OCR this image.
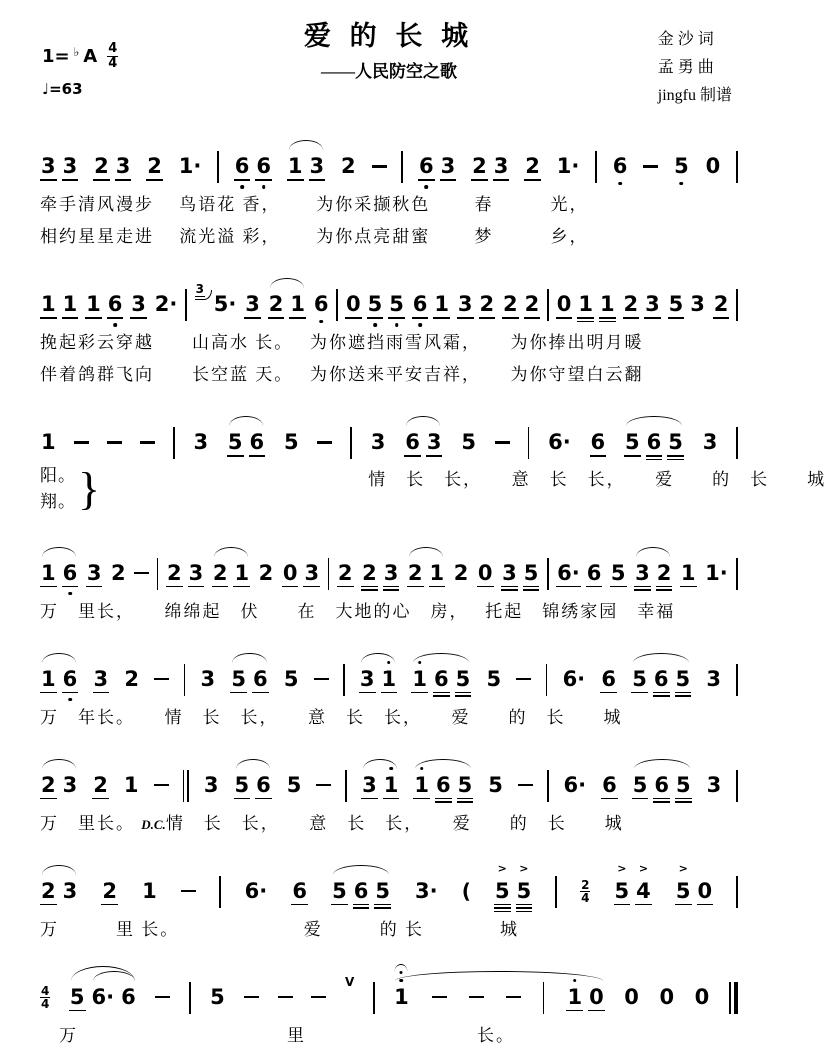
1= ♭ A $\frac{4}{4}$
♩=63
爱 的 长 城
——人民防空之歌
金 沙 词
孟 勇 曲
jingfu 制谱
3 3 2 3 2 1· 6 6 1 3 2	6 3 2 3 2 1· 6 5 0
牵手清风漫步　 鸟语花 香，　　 为你采撷秋色　　 春　　　光，
相约星星走进　 流光溢 彩，　　 为你点亮甜蜜　　 梦　　　乡，
1 1 1 6 3 2·
3
5· 3 2 1 6 0 5 5 6 1 3 2 2 2 0 1 1 2 3 5 3 2
挽起彩云穿越　　山高水 长。　 为你遮挡雨雪风霜，　　为你捧出明月暖
伴着鸽群飞向　　长空蓝 天。　 为你送来平安吉祥，　　为你守望白云翻
1	3 5 6 5	3 6 3 5	6· 6 5 6 5 3
阳。
翔。 }	情　长　长，　　意　长　长，　　爱　　的　长　　城
1 6 3 2 2 3 2 1 2 0 3 2 2 3 2 1 2 0 3 5 6· 6 5 3 2 1 1·
万　里长，　　绵绵起　伏　　在　大地的心　房，　 托起　锦绣家园　幸福
1 6 3 2	3 5 6 5	3 1 1 6 5 5	6· 6 5 6 5 3
万　年长。　　情　长　长，　　意　长　长，　　爱　　的　长　　城
2 3 2 1	3 5 6 5	3 1 1 6 5 5	6· 6 5 6 5 3
万　里长。 D.C. 情　长　长，　　意　长　长，　　爱　　的　长　　城
2 3 2 1	6· 6 5 6 5 3· ( 5
>
5
>
$\frac{2}{4} 5$
>
4
>
5
>
0
万　　　里 长。　　　　　　　爱　　　的 长　　　　城
$\frac{4}{4} 5$ 6· 6	5
V
1	1 0 0 0 0
　万　　　　　　　　　　　里　　　　　　　　　长。
